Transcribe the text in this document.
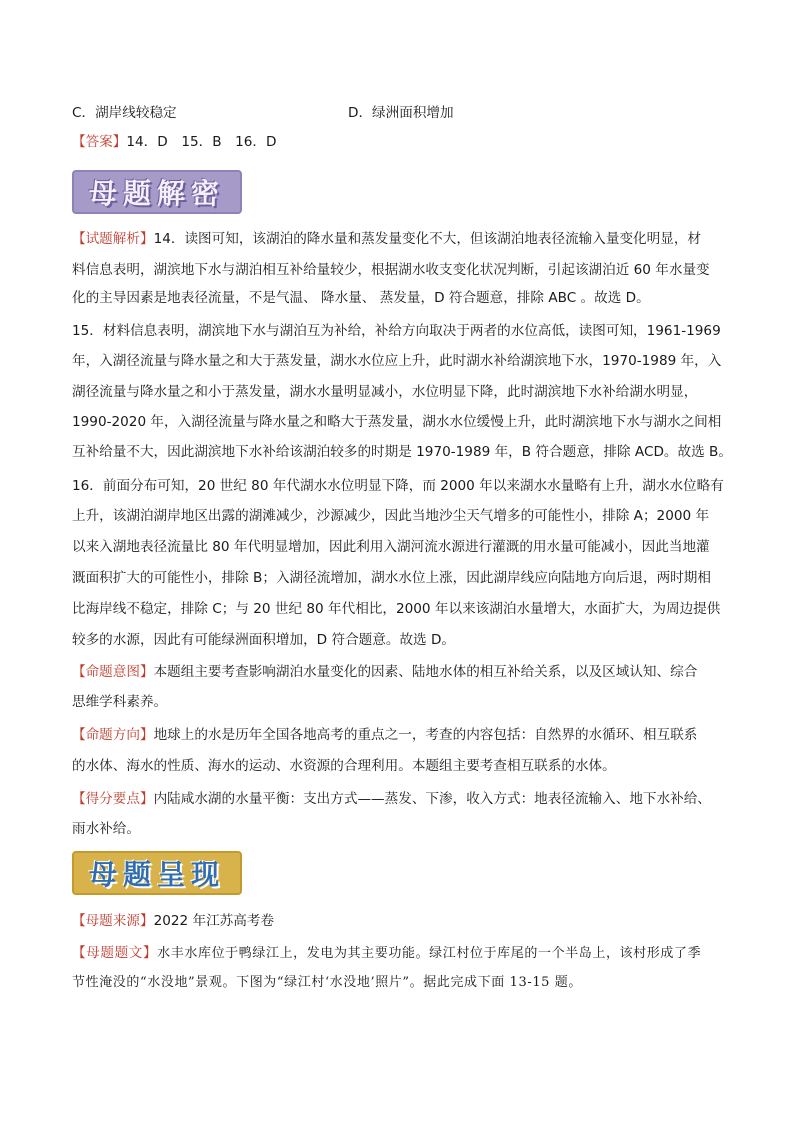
C．湖岸线较稳定	D．绿洲面积增加
【答案】14．D　15．B　16．D
母题解密
【试题解析】14．读图可知，该湖泊的降水量和蒸发量变化不大，但该湖泊地表径流输入量变化明显，材
料信息表明，湖滨地下水与湖泊相互补给量较少，根据湖水收支变化状况判断，引起该湖泊近 60 年水量变
化的主导因素是地表径流量，不是气温、 降水量、 蒸发量，D 符合题意，排除 ABC 。故选 D。
15．材料信息表明，湖滨地下水与湖泊互为补给，补给方向取决于两者的水位高低，读图可知，1961-1969
年，入湖径流量与降水量之和大于蒸发量，湖水水位应上升，此时湖水补给湖滨地下水，1970-1989 年，入
湖径流量与降水量之和小于蒸发量，湖水水量明显减小，水位明显下降，此时湖滨地下水补给湖水明显，
1990-2020 年，入湖径流量与降水量之和略大于蒸发量，湖水水位缓慢上升，此时湖滨地下水与湖水之间相
互补给量不大，因此湖滨地下水补给该湖泊较多的时期是 1970-1989 年，B 符合题意，排除 ACD。故选 B。
16．前面分布可知，20 世纪 80 年代湖水水位明显下降，而 2000 年以来湖水水量略有上升，湖水水位略有
上升，该湖泊湖岸地区出露的湖滩减少，沙源减少，因此当地沙尘天气增多的可能性小，排除 A；2000 年
以来入湖地表径流量比 80 年代明显增加，因此利用入湖河流水源进行灌溉的用水量可能减小，因此当地灌
溉面积扩大的可能性小，排除 B；入湖径流增加，湖水水位上涨，因此湖岸线应向陆地方向后退，两时期相
比海岸线不稳定，排除 C；与 20 世纪 80 年代相比，2000 年以来该湖泊水量增大，水面扩大，为周边提供
较多的水源，因此有可能绿洲面积增加，D 符合题意。故选 D。
【命题意图】本题组主要考查影响湖泊水量变化的因素、陆地水体的相互补给关系，以及区域认知、综合
思维学科素养。
【命题方向】地球上的水是历年全国各地高考的重点之一，考查的内容包括：自然界的水循环、相互联系
的水体、海水的性质、海水的运动、水资源的合理利用。本题组主要考查相互联系的水体。
【得分要点】内陆咸水湖的水量平衡：支出方式——蒸发、下渗，收入方式：地表径流输入、地下水补给、
雨水补给。
母题呈现
【母题来源】2022 年江苏高考卷
【母题题文】水丰水库位于鸭绿江上，发电为其主要功能。绿江村位于库尾的一个半岛上，该村形成了季
节性淹没的“水没地”景观。下图为“绿江村‘水没地’照片”。据此完成下面 13-15 题。
